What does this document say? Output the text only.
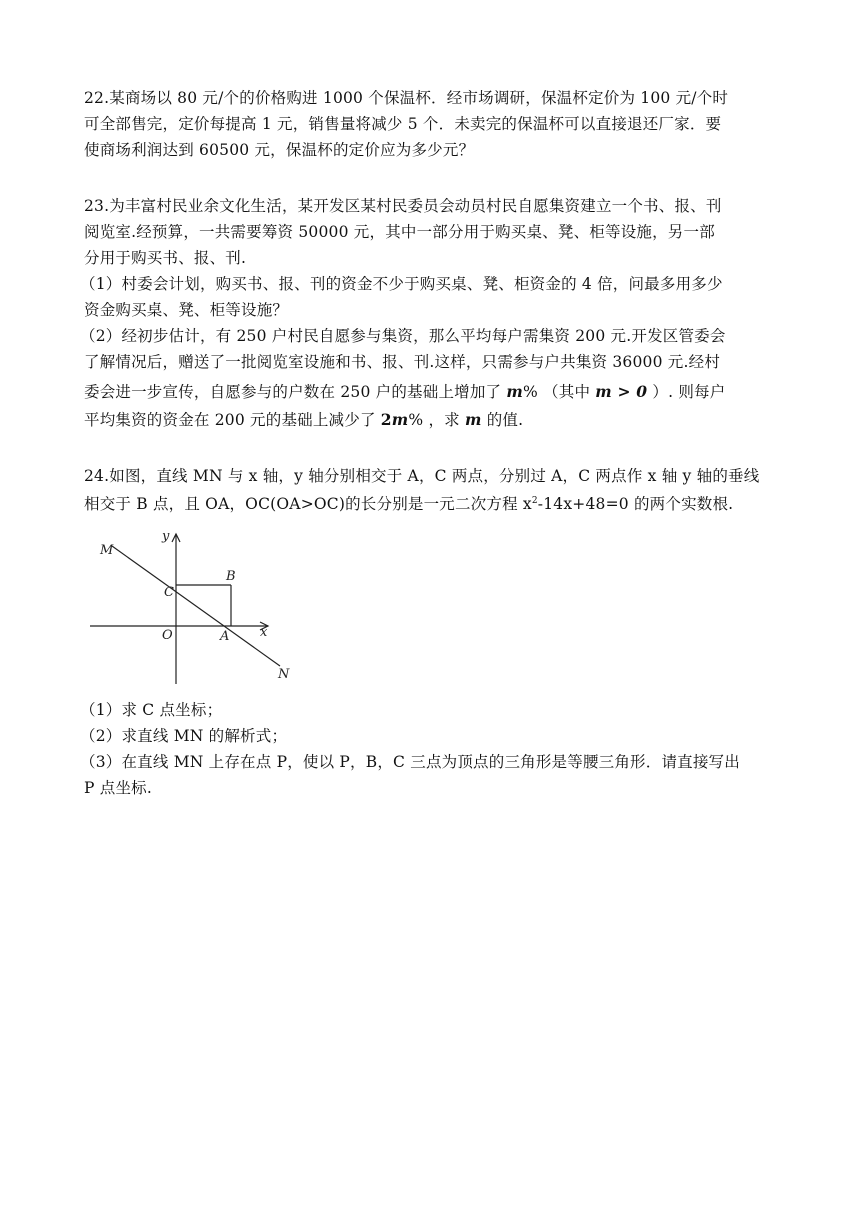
22.某商场以 80 元/个的价格购进 1000 个保温杯．经市场调研，保温杯定价为 100 元/个时
可全部售完，定价每提高 1 元，销售量将减少 5 个．未卖完的保温杯可以直接退还厂家．要
使商场利润达到 60500 元，保温杯的定价应为多少元？
23.为丰富村民业余文化生活，某开发区某村民委员会动员村民自愿集资建立一个书、报、刊
阅览室.经预算，一共需要筹资 50000 元，其中一部分用于购买桌、凳、柜等设施，另一部
分用于购买书、报、刊.
（1）村委会计划，购买书、报、刊的资金不少于购买桌、凳、柜资金的 4 倍，问最多用多少
资金购买桌、凳、柜等设施？
（2）经初步估计，有 250 户村民自愿参与集资，那么平均每户需集资 200 元.开发区管委会
了解情况后，赠送了一批阅览室设施和书、报、刊.这样，只需参与户共集资 36000 元.经村
委会进一步宣传，自愿参与的户数在 250 户的基础上增加了 m% （其中 m > 0 ）. 则每户
平均集资的资金在 200 元的基础上减少了 2m% ，求 m 的值.
24.如图，直线 MN 与 x 轴，y 轴分别相交于 A，C 两点，分别过 A，C 两点作 x 轴 y 轴的垂线
相交于 B 点，且 OA，OC(OA>OC)的长分别是一元二次方程 $x^2-14x+48=0$ 的两个实数根.
M
y
B
C
O	A x
N
（1）求 C 点坐标；
（2）求直线 MN 的解析式；
（3）在直线 MN 上存在点 P，使以 P，B，C 三点为顶点的三角形是等腰三角形．请直接写出
P 点坐标.
